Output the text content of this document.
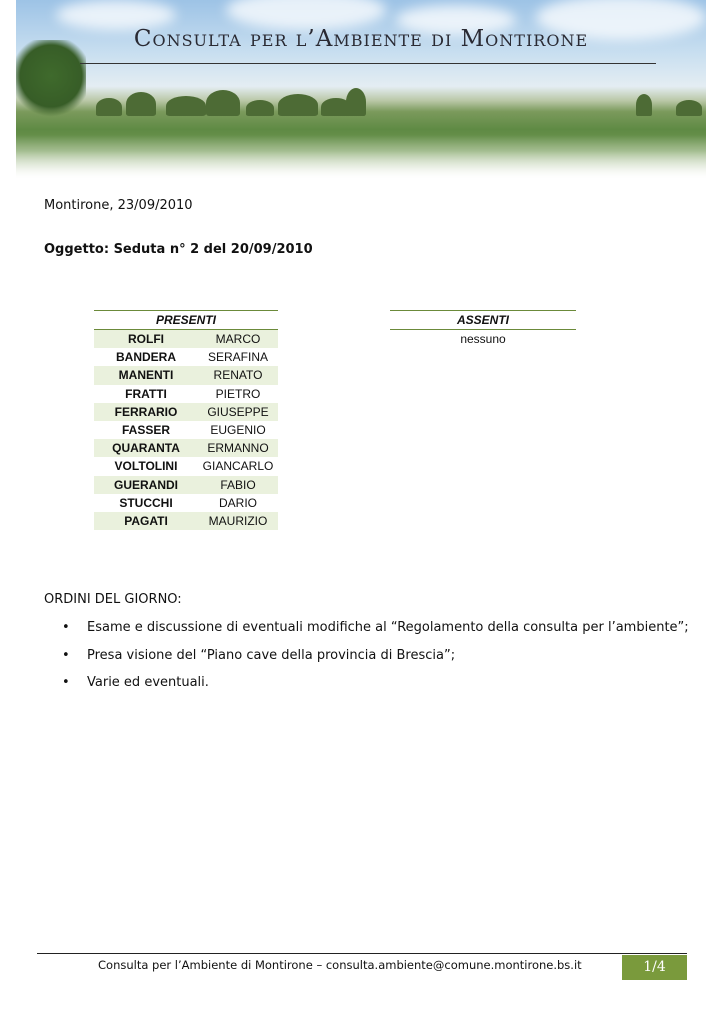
Consulta per l’Ambiente di Montirone
Montirone, 23/09/2010
Oggetto: Seduta n° 2 del 20/09/2010
PRESENTI	
ROLFI	MARCO
BANDERA	SERAFINA
MANENTI	RENATO
FRATTI	PIETRO
FERRARIO	GIUSEPPE
FASSER	EUGENIO
QUARANTA	ERMANNO
VOLTOLINI	GIANCARLO
GUERANDI	FABIO
STUCCHI	DARIO
PAGATI	MAURIZIO
ASSENTI
nessuno
ORDINI DEL GIORNO:
• Esame e discussione di eventuali modifiche al “Regolamento della consulta per l’ambiente”;
• Presa visione del “Piano cave della provincia di Brescia”;
• Varie ed eventuali.
Consulta per l’Ambiente di Montirone – consulta.ambiente@comune.montirone.bs.it	1/4
